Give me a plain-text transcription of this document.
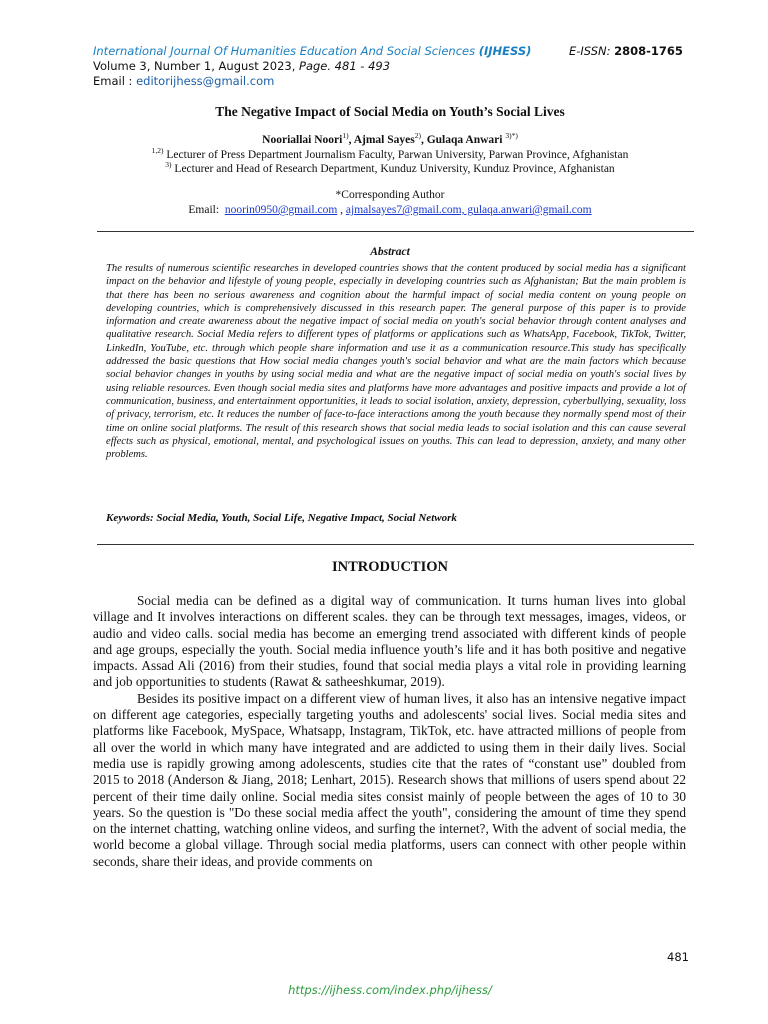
International Journal Of Humanities Education And Social Sciences (IJHESS)	E-ISSN: 2808-1765
Volume 3, Number 1, August 2023, Page. 481 - 493
Email : editorijhess@gmail.com
The Negative Impact of Social Media on Youth’s Social Lives
Nooriallai Noori$^{1)}$, Ajmal Sayes$^{2)}$, Gulaqa Anwari $^{3)*)}$
$^{1,2)}$ Lecturer of Press Department Journalism Faculty, Parwan University, Parwan Province, Afghanistan
$^{3)}$ Lecturer and Head of Research Department, Kunduz University, Kunduz Province, Afghanistan
*Corresponding Author
Email: noorin0950@gmail.com , ajmalsayes7@gmail.com, gulaqa.anwari@gmail.com
Abstract
The results of numerous scientific researches in developed countries shows that the content produced by social media has a significant impact on the behavior and lifestyle of young people, especially in developing countries such as Afghanistan; But the main problem is that there has been no serious awareness and cognition about the harmful impact of social media content on young people on developing countries, which is comprehensively discussed in this research paper. The general purpose of this paper is to provide information and create awareness about the negative impact of social media on youth's social behavior through content analyses and qualitative research. Social Media refers to different types of platforms or applications such as WhatsApp, Facebook, TikTok, Twitter, LinkedIn, YouTube, etc. through which people share information and use it as a communication resource.This study has specifically addressed the basic questions that How social media changes youth's social behavior and what are the main factors which because social behavior changes in youths by using social media and what are the negative impact of social media on youth's social lives by using reliable resources. Even though social media sites and platforms have more advantages and positive impacts and provide a lot of communication, business, and entertainment opportunities, it leads to social isolation, anxiety, depression, cyberbullying, sexuality, loss of privacy, terrorism, etc. It reduces the number of face-to-face interactions among the youth because they normally spend most of their time on online social platforms. The result of this research shows that social media leads to social isolation and this can cause several effects such as physical, emotional, mental, and psychological issues on youths. This can lead to depression, anxiety, and many other problems.
Keywords: Social Media, Youth, Social Life, Negative Impact, Social Network
INTRODUCTION

Social media can be defined as a digital way of communication. It turns human lives into global village and It involves interactions on different scales. they can be through text messages, images, videos, or audio and video calls. social media has become an emerging trend associated with different kinds of people and age groups, especially the youth. Social media influence youth’s life and it has both positive and negative impacts. Assad Ali (2016) from their studies, found that social media plays a vital role in providing learning and job opportunities to students (Rawat & satheeshkumar, 2019).

Besides its positive impact on a different view of human lives, it also has an intensive negative impact on different age categories, especially targeting youths and adolescents' social lives. Social media sites and platforms like Facebook, MySpace, Whatsapp, Instagram, TikTok, etc. have attracted millions of people from all over the world in which many have integrated and are addicted to using them in their daily lives. Social media use is rapidly growing among adolescents, studies cite that the rates of “constant use” doubled from 2015 to 2018 (Anderson & Jiang, 2018; Lenhart, 2015). Research shows that millions of users spend about 22 percent of their time daily online. Social media sites consist mainly of people between the ages of 10 to 30 years. So the question is "Do these social media affect the youth", considering the amount of time they spend on the internet chatting, watching online videos, and surfing the internet?, With the advent of social media, the world become a global village. Through social media platforms, users can connect with other people within seconds, share their ideas, and provide comments on

481
https://ijhess.com/index.php/ijhess/
